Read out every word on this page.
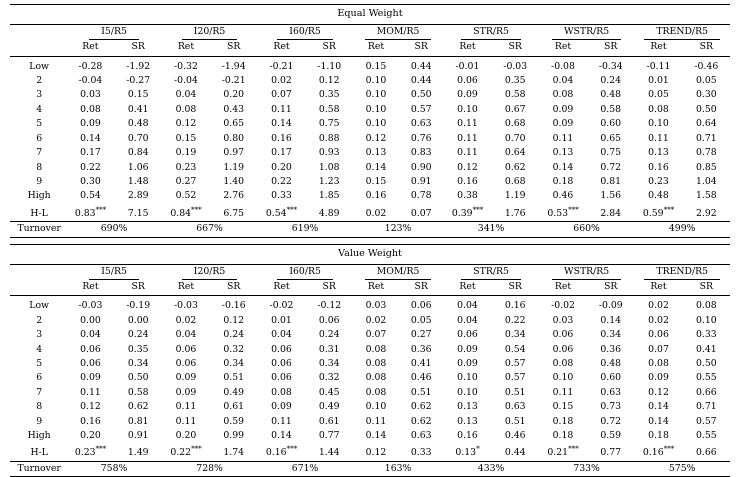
Equal Weight														

	I5/R5		I20/R5		I60/R5		MOM/R5		STR/R5		WSTR/R5		TREND/R5	
	Ret	SR	Ret	SR	Ret	SR	Ret	SR	Ret	SR	Ret	SR	Ret	SR

Low	-0.28	-1.92	-0.32	-1.94	-0.21	-1.10	0.15	0.44	-0.01	-0.03	-0.08	-0.34	-0.11	-0.46
2	-0.04	-0.27	-0.04	-0.21	0.02	0.12	0.10	0.44	0.06	0.35	0.04	0.24	0.01	0.05
3	0.03	0.15	0.04	0.20	0.07	0.35	0.10	0.50	0.09	0.58	0.08	0.48	0.05	0.30
4	0.08	0.41	0.08	0.43	0.11	0.58	0.10	0.57	0.10	0.67	0.09	0.58	0.08	0.50
5	0.09	0.48	0.12	0.65	0.14	0.75	0.10	0.63	0.11	0.68	0.09	0.60	0.10	0.64
6	0.14	0.70	0.15	0.80	0.16	0.88	0.12	0.76	0.11	0.70	0.11	0.65	0.11	0.71
7	0.17	0.84	0.19	0.97	0.17	0.93	0.13	0.83	0.11	0.64	0.13	0.75	0.13	0.78
8	0.22	1.06	0.23	1.19	0.20	1.08	0.14	0.90	0.12	0.62	0.14	0.72	0.16	0.85
9	0.30	1.48	0.27	1.40	0.22	1.23	0.15	0.91	0.16	0.68	0.18	0.81	0.23	1.04
High	0.54	2.89	0.52	2.76	0.33	1.85	0.16	0.78	0.38	1.19	0.46	1.56	0.48	1.58
H-L	0.83***	7.15	0.84***	6.75	0.54***	4.89	0.02	0.07	0.39***	1.76	0.53***	2.84	0.59***	2.92
Turnover	690%		667%		619%		123%		341%		660%		499%	
Value Weight														

	I5/R5		I20/R5		I60/R5		MOM/R5		STR/R5		WSTR/R5		TREND/R5	
	Ret	SR	Ret	SR	Ret	SR	Ret	SR	Ret	SR	Ret	SR	Ret	SR

Low	-0.03	-0.19	-0.03	-0.16	-0.02	-0.12	0.03	0.06	0.04	0.16	-0.02	-0.09	0.02	0.08
2	0.00	0.00	0.02	0.12	0.01	0.06	0.02	0.05	0.04	0.22	0.03	0.14	0.02	0.10
3	0.04	0.24	0.04	0.24	0.04	0.24	0.07	0.27	0.06	0.34	0.06	0.34	0.06	0.33
4	0.06	0.35	0.06	0.32	0.06	0.31	0.08	0.36	0.09	0.54	0.06	0.36	0.07	0.41
5	0.06	0.34	0.06	0.34	0.06	0.34	0.08	0.41	0.09	0.57	0.08	0.48	0.08	0.50
6	0.09	0.50	0.09	0.51	0.06	0.32	0.08	0.46	0.10	0.57	0.10	0.60	0.09	0.55
7	0.11	0.58	0.09	0.49	0.08	0.45	0.08	0.51	0.10	0.51	0.11	0.63	0.12	0.66
8	0.12	0.62	0.11	0.61	0.09	0.49	0.10	0.62	0.13	0.63	0.15	0.73	0.14	0.71
9	0.16	0.81	0.11	0.59	0.11	0.61	0.11	0.62	0.13	0.51	0.18	0.72	0.14	0.57
High	0.20	0.91	0.20	0.99	0.14	0.77	0.14	0.63	0.16	0.46	0.18	0.59	0.18	0.55
H-L	0.23***	1.49	0.22***	1.74	0.16***	1.44	0.12	0.33	0.13*	0.44	0.21***	0.77	0.16***	0.66
Turnover	758%		728%		671%		163%		433%		733%		575%	
